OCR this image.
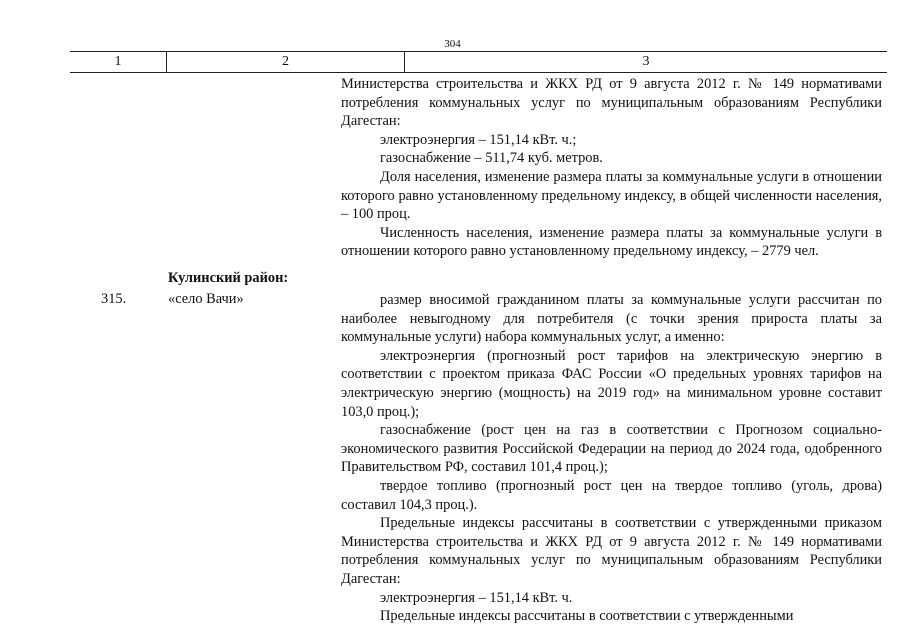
304
1	2	3

Министерства строительства и ЖКХ РД от 9 августа 2012 г. № 149 нормативами потребления коммунальных услуг по муниципальным образованиям Республики Дагестан:

электроэнергия – 151,14 кВт. ч.;

газоснабжение – 511,74 куб. метров.

Доля населения, изменение размера платы за коммунальные услуги в отношении которого равно установленному предельному индексу, в общей численности населения, – 100 проц.

Численность населения, изменение размера платы за коммунальные услуги в отношении которого равно установленному предельному индексу, – 2779 чел.

Кулинский район:
315.	«село Вачи»	размер вносимой гражданином платы за коммунальные услуги рассчитан по наиболее невыгодному для потребителя (с точки зрения прироста платы за коммунальные услуги) набора коммунальных услуг, а именно:

электроэнергия (прогнозный рост тарифов на электрическую энергию в соответствии с проектом приказа ФАС России «О предельных уровнях тарифов на электрическую энергию (мощность) на 2019 год» на минимальном уровне составит 103,0 проц.);

газоснабжение (рост цен на газ в соответствии с Прогнозом социально-экономического развития Российской Федерации на период до 2024 года, одобренного Правительством РФ, составил 101,4 проц.);

твердое топливо (прогнозный рост цен на твердое топливо (уголь, дрова) составил 104,3 проц.).

Предельные индексы рассчитаны в соответствии с утвержденными приказом Министерства строительства и ЖКХ РД от 9 августа 2012 г. № 149 нормативами потребления коммунальных услуг по муниципальным образованиям Республики Дагестан:

электроэнергия – 151,14 кВт. ч.

Предельные индексы рассчитаны в соответствии с утвержденными
